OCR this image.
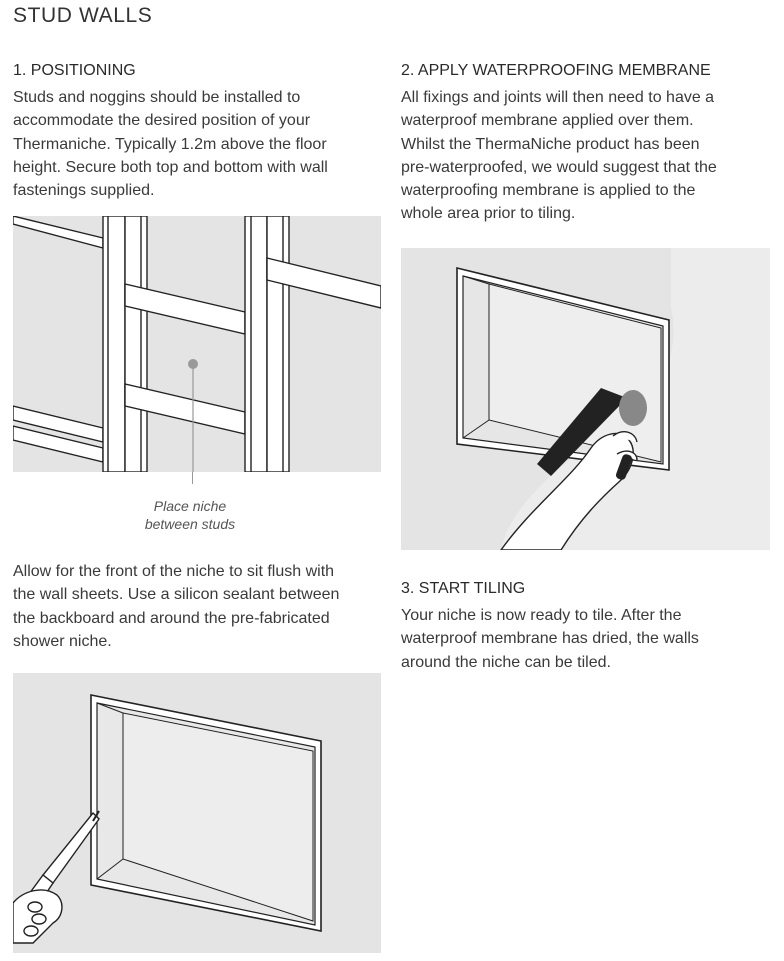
STUD WALLS
1. POSITIONING
Studs and noggins should be installed to
accommodate the desired position of your
Thermaniche. Typically 1.2m above the floor
height. Secure both top and bottom with wall
fastenings supplied.
Place niche
between studs
Allow for the front of the niche to sit flush with
the wall sheets. Use a silicon sealant between
the backboard and around the pre-fabricated
shower niche.
2. APPLY WATERPROOFING MEMBRANE
All fixings and joints will then need to have a
waterproof membrane applied over them.
Whilst the ThermaNiche product has been
pre-waterproofed, we would suggest that the
waterproofing membrane is applied to the
whole area prior to tiling.
3. START TILING
Your niche is now ready to tile. After the
waterproof membrane has dried, the walls
around the niche can be tiled.
